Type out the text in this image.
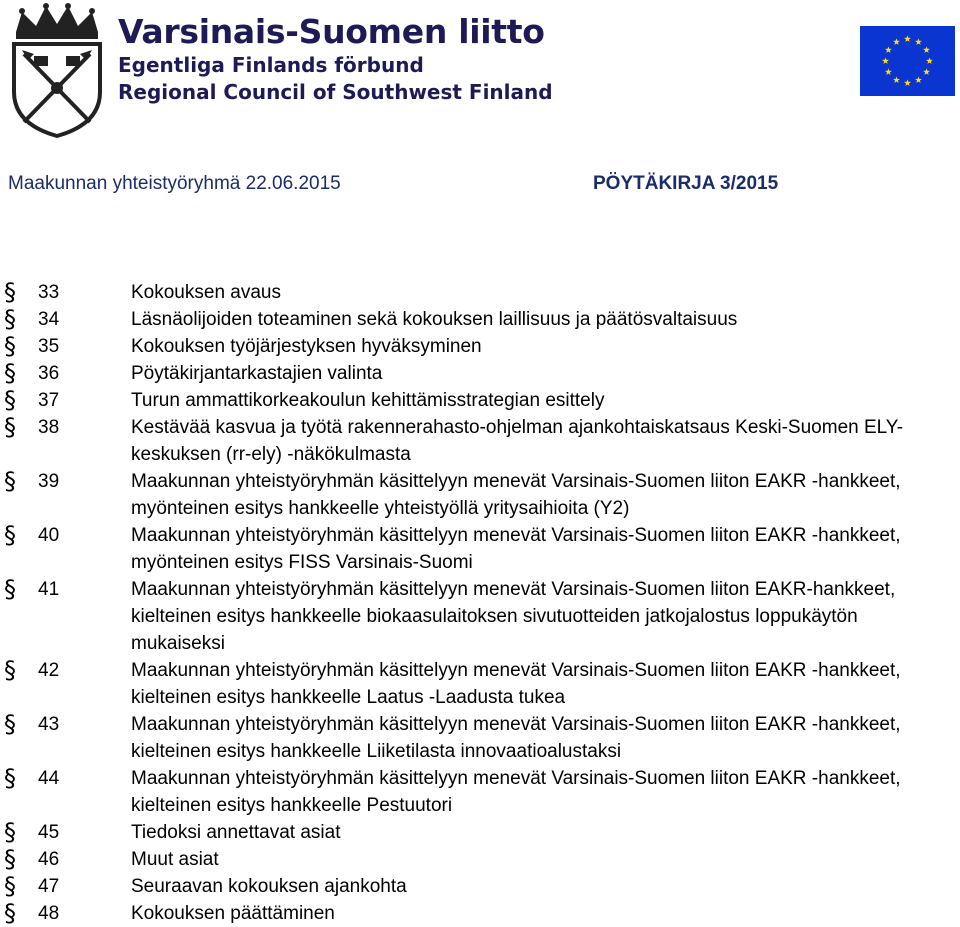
Varsinais-Suomen liitto
Egentliga Finlands förbund
Regional Council of Southwest Finland
Maakunnan yhteistyöryhmä 22.06.2015	PÖYTÄKIRJA 3/2015
§ 33	Kokouksen avaus
§ 34	Läsnäolijoiden toteaminen sekä kokouksen laillisuus ja päätösvaltaisuus
§ 35	Kokouksen työjärjestyksen hyväksyminen
§ 36	Pöytäkirjantarkastajien valinta
§ 37	Turun ammattikorkeakoulun kehittämisstrategian esittely
§ 38	Kestävää kasvua ja työtä rakennerahasto-ohjelman ajankohtaiskatsaus Keski-Suomen ELY-
keskuksen (rr-ely) -näkökulmasta
§ 39	Maakunnan yhteistyöryhmän käsittelyyn menevät Varsinais-Suomen liiton EAKR -hankkeet,
myönteinen esitys hankkeelle yhteistyöllä yritysaihioita (Y2)
§ 40	Maakunnan yhteistyöryhmän käsittelyyn menevät Varsinais-Suomen liiton EAKR -hankkeet,
myönteinen esitys FISS Varsinais-Suomi
§ 41	Maakunnan yhteistyöryhmän käsittelyyn menevät Varsinais-Suomen liiton EAKR-hankkeet,
kielteinen esitys hankkeelle biokaasulaitoksen sivutuotteiden jatkojalostus loppukäytön
mukaiseksi
§ 42	Maakunnan yhteistyöryhmän käsittelyyn menevät Varsinais-Suomen liiton EAKR -hankkeet,
kielteinen esitys hankkeelle Laatus -Laadusta tukea
§ 43	Maakunnan yhteistyöryhmän käsittelyyn menevät Varsinais-Suomen liiton EAKR -hankkeet,
kielteinen esitys hankkeelle Liiketilasta innovaatioalustaksi
§ 44	Maakunnan yhteistyöryhmän käsittelyyn menevät Varsinais-Suomen liiton EAKR -hankkeet,
kielteinen esitys hankkeelle Pestuutori
§ 45	Tiedoksi annettavat asiat
§ 46	Muut asiat
§ 47	Seuraavan kokouksen ajankohta
§ 48	Kokouksen päättäminen
